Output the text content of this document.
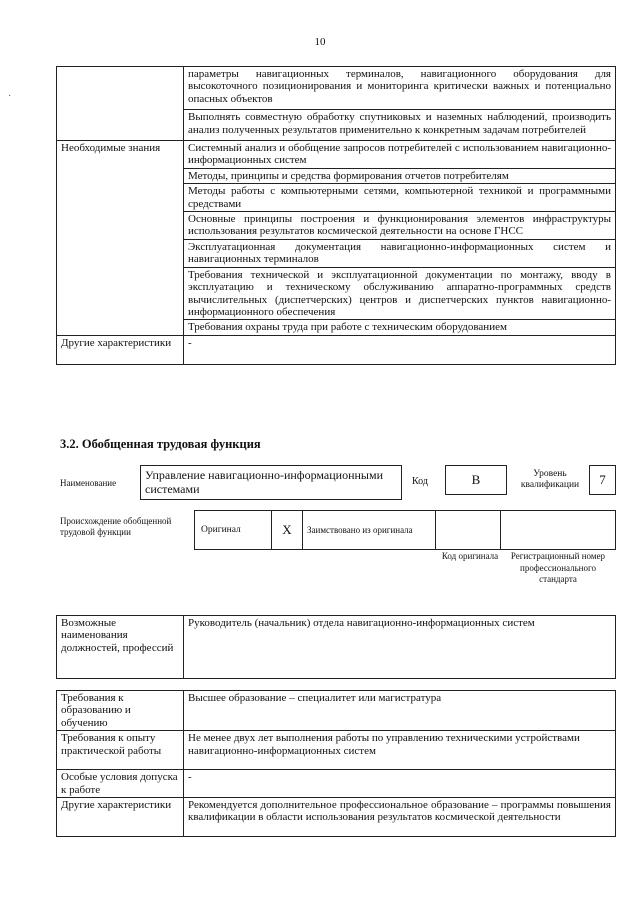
10
·
	параметры навигационных терминалов, навигационного оборудования для высокоточного позиционирования и мониторинга критически важных и потенциально опасных объектов
	Выполнять совместную обработку спутниковых и наземных наблюдений, производить анализ полученных результатов применительно к конкретным задачам потребителей
Необходимые знания	Системный анализ и обобщение запросов потребителей с использованием навигационно-информационных систем
	Методы, принципы и средства формирования отчетов потребителям
	Методы работы с компьютерными сетями, компьютерной техникой и программными средствами
	Основные принципы построения и функционирования элементов инфраструктуры использования результатов космической деятельности на основе ГНСС
	Эксплуатационная документация навигационно-информационных систем и навигационных терминалов
	Требования технической и эксплуатационной документации по монтажу, вводу в эксплуатацию и техническому обслуживанию аппаратно-программных средств вычислительных (диспетчерских) центров и диспетчерских пунктов навигационно-информационного обеспечения
	Требования охраны труда при работе с техническим оборудованием
Другие характеристики	-
3.2. Обобщенная трудовая функция
Наименование
Управление навигационно-информационными системами
Код	B	Уровень квалификации	7
Происхождение обобщенной трудовой функции	Оригинал	X	Заимствовано из оригинала		
Код оригинала	Регистрационный номер профессионального стандарта
Возможные наименования должностей, профессий	Руководитель (начальник) отдела навигационно-информационных систем
Требования к образованию и обучению	Высшее образование – специалитет или магистратура
Требования к опыту практической работы	Не менее двух лет выполнения работы по управлению техническими устройствами навигационно-информационных систем
Особые условия допуска к работе	-
Другие характеристики	Рекомендуется дополнительное профессиональное образование – программы повышения квалификации в области использования результатов космической деятельности
